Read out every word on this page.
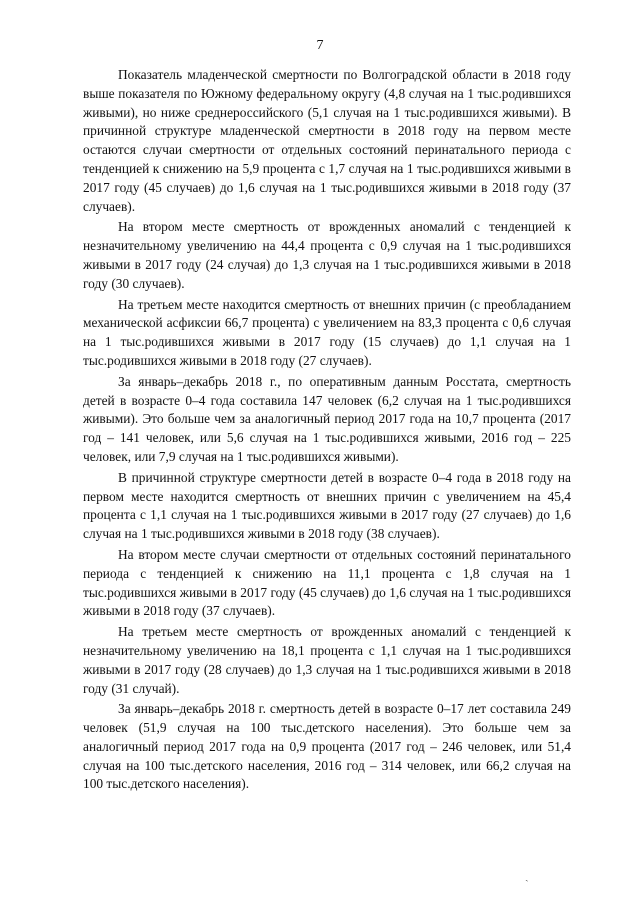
7

Показатель младенческой смертности по Волгоградской области в 2018 году выше показателя по Южному федеральному округу (4,8 случая на 1 тыс.родившихся живыми), но ниже среднероссийского (5,1 случая на 1 тыс.родившихся живыми). В причинной структуре младенческой смертности в 2018 году на первом месте остаются случаи смертности от отдельных состояний перинатального периода с тенденцией к снижению на 5,9 процента с 1,7 случая на 1 тыс.родившихся живыми в 2017 году (45 случаев) до 1,6 случая на 1 тыс.родившихся живыми в 2018 году (37 случаев).

На втором месте смертность от врожденных аномалий с тенденцией к незначительному увеличению на 44,4 процента с 0,9 случая на 1 тыс.родившихся живыми в 2017 году (24 случая) до 1,3 случая на 1 тыс.родившихся живыми в 2018 году (30 случаев).

На третьем месте находится смертность от внешних причин (с преобладанием механической асфиксии 66,7 процента) с увеличением на 83,3 процента с 0,6 случая на 1 тыс.родившихся живыми в 2017 году (15 случаев) до 1,1 случая на 1 тыс.родившихся живыми в 2018 году (27 случаев).

За январь–декабрь 2018 г., по оперативным данным Росстата, смертность детей в возрасте 0–4 года составила 147 человек (6,2 случая на 1 тыс.родившихся живыми). Это больше чем за аналогичный период 2017 года на 10,7 процента (2017 год – 141 человек, или 5,6 случая на 1 тыс.родившихся живыми, 2016 год – 225 человек, или 7,9 случая на 1 тыс.родившихся живыми).

В причинной структуре смертности детей в возрасте 0–4 года в 2018 году на первом месте находится смертность от внешних причин с увеличением на 45,4 процента с 1,1 случая на 1 тыс.родившихся живыми в 2017 году (27 случаев) до 1,6 случая на 1 тыс.родившихся живыми в 2018 году (38 случаев).

На втором месте случаи смертности от отдельных состояний перинатального периода с тенденцией к снижению на 11,1 процента с 1,8 случая на 1 тыс.родившихся живыми в 2017 году (45 случаев) до 1,6 случая на 1 тыс.родившихся живыми в 2018 году (37 случаев).

На третьем месте смертность от врожденных аномалий с тенденцией к незначительному увеличению на 18,1 процента с 1,1 случая на 1 тыс.родившихся живыми в 2017 году (28 случаев) до 1,3 случая на 1 тыс.родившихся живыми в 2018 году (31 случай).

За январь–декабрь 2018 г. смертность детей в возрасте 0–17 лет составила 249 человек (51,9 случая на 100 тыс.детского населения). Это больше чем за аналогичный период 2017 года на 0,9 процента (2017 год – 246 человек, или 51,4 случая на 100 тыс.детского населения, 2016 год – 314 человек, или 66,2 случая на 100 тыс.детского населения).

ˎ
